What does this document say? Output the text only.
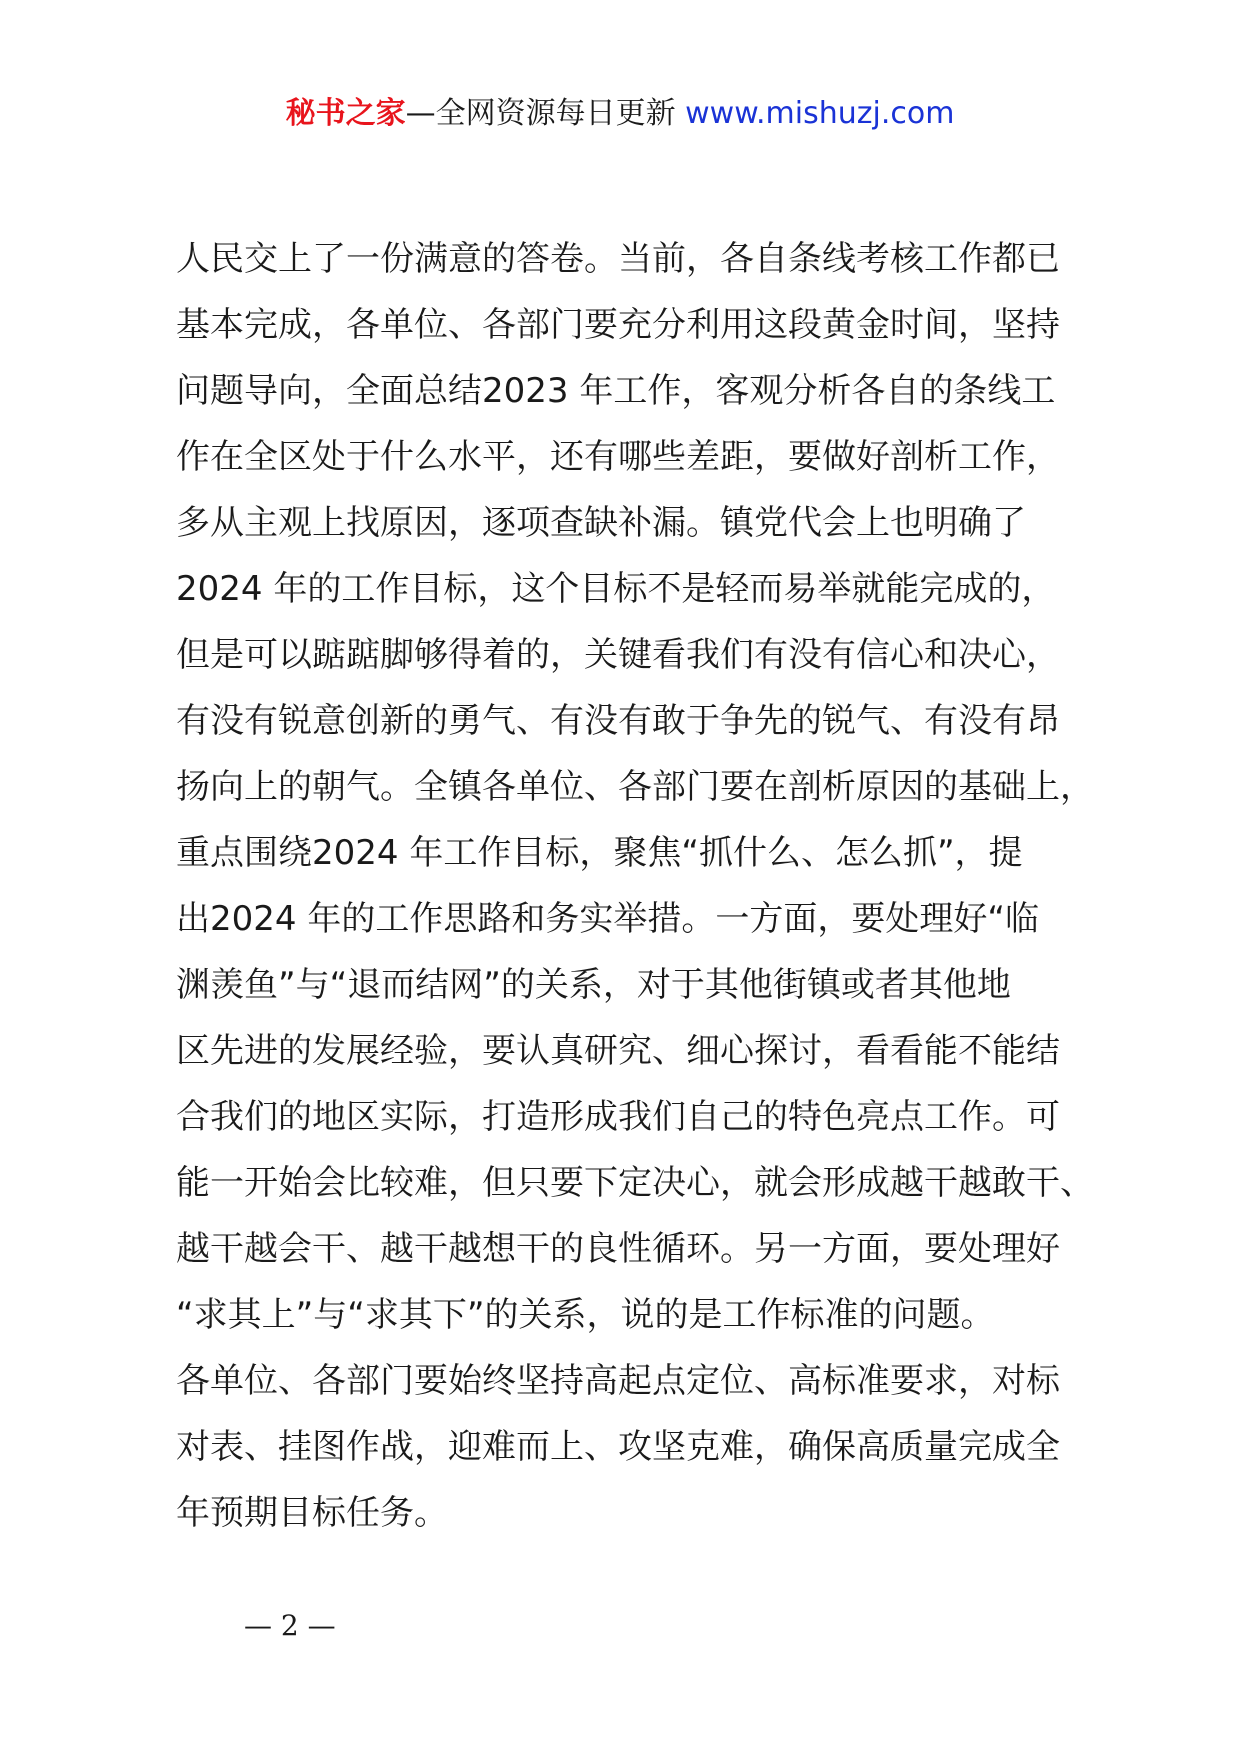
秘书之家—全网资源每日更新 www.mishuzj.com
人民交上了一份满意的答卷。当前，各自条线考核工作都已
基本完成，各单位、各部门要充分利用这段黄金时间，坚持
问题导向，全面总结2023 年工作，客观分析各自的条线工
作在全区处于什么水平，还有哪些差距，要做好剖析工作，
多从主观上找原因，逐项查缺补漏。镇党代会上也明确了
2024 年的工作目标，这个目标不是轻而易举就能完成的，
但是可以踮踮脚够得着的，关键看我们有没有信心和决心，
有没有锐意创新的勇气、有没有敢于争先的锐气、有没有昂
扬向上的朝气。全镇各单位、各部门要在剖析原因的基础上，
重点围绕2024 年工作目标，聚焦“抓什么、怎么抓”，提
出2024 年的工作思路和务实举措。一方面，要处理好“临
渊羡鱼”与“退而结网”的关系，对于其他街镇或者其他地
区先进的发展经验，要认真研究、细心探讨，看看能不能结
合我们的地区实际，打造形成我们自己的特色亮点工作。可
能一开始会比较难，但只要下定决心，就会形成越干越敢干、
越干越会干、越干越想干的良性循环。另一方面，要处理好
“求其上”与“求其下”的关系，说的是工作标准的问题。
各单位、各部门要始终坚持高起点定位、高标准要求，对标
对表、挂图作战，迎难而上、攻坚克难，确保高质量完成全
年预期目标任务。
— 2 —
